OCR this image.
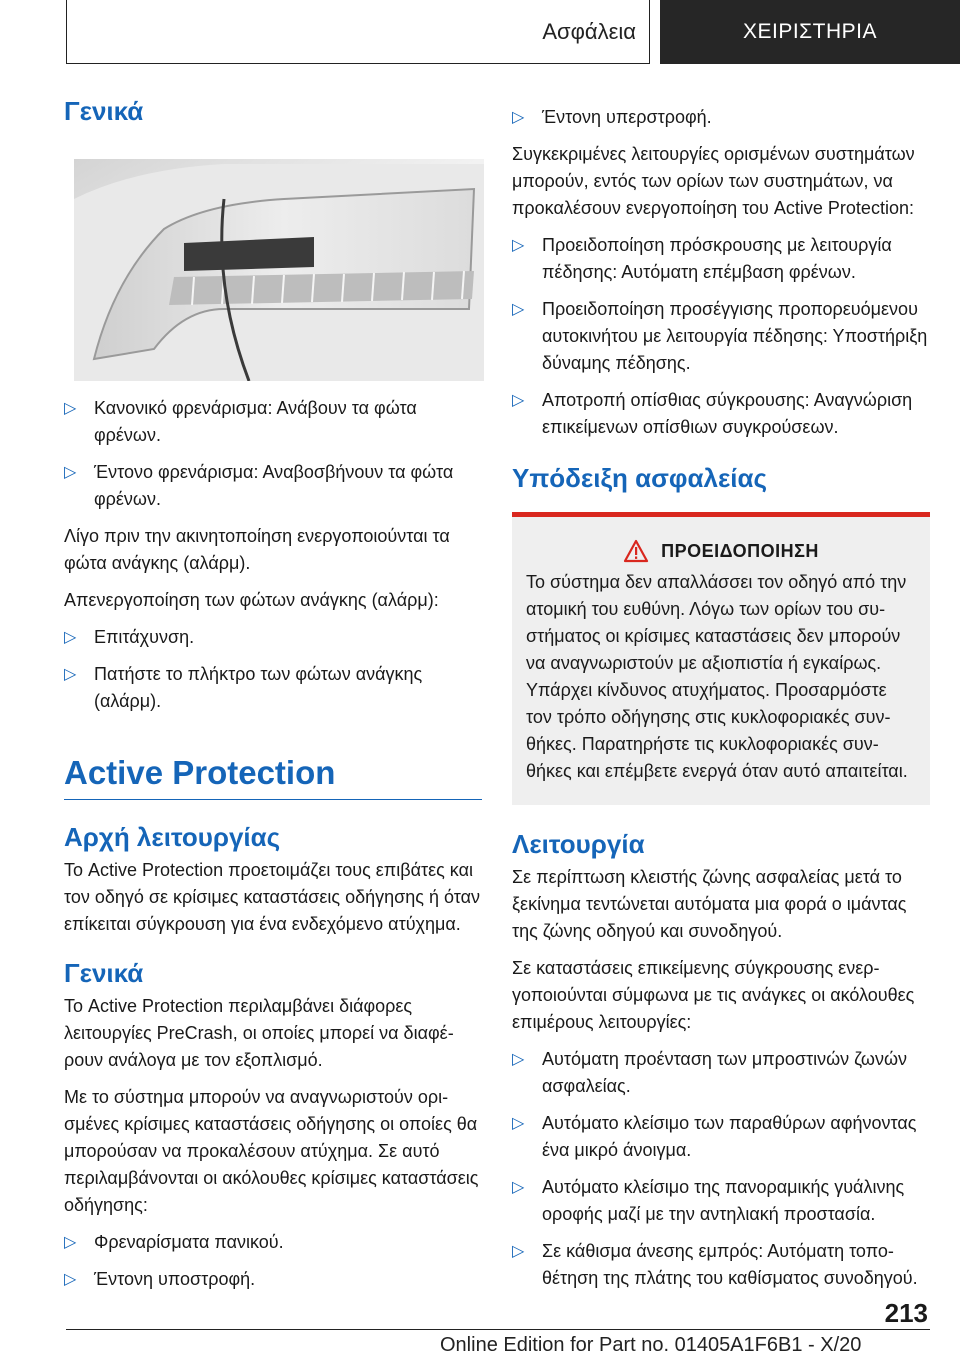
Ασφάλεια	ΧΕΙΡΙΣΤΗΡΙΑ
Γενικά
▷ Κανονικό φρενάρισμα: Ανάβουν τα φώτα φρένων.
▷ Έντονο φρενάρισμα: Αναβοσβήνουν τα φώτα φρένων.
Λίγο πριν την ακινητοποίηση ενεργοποιούνται τα φώτα ανάγκης (αλάρμ).
Απενεργοποίηση των φώτων ανάγκης (αλάρμ):
▷ Επιτάχυνση.
▷ Πατήστε το πλήκτρο των φώτων ανάγκης (αλάρμ).
Active Protection
Αρχή λειτουργίας
Το Active Protection προετοιμάζει τους επιβάτες και τον οδηγό σε κρίσιμες καταστάσεις οδήγησης ή όταν επίκειται σύγκρουση για ένα ενδεχόμενο ατύχημα.
Γενικά
Το Active Protection περιλαμβάνει διάφορες λειτουργίες PreCrash, οι οποίες μπορεί να διαφέρουν ανάλογα με τον εξοπλισμό.
Με το σύστημα μπορούν να αναγνωριστούν ορισμένες κρίσιμες καταστάσεις οδήγησης οι οποίες θα μπορούσαν να προκαλέσουν ατύχημα. Σε αυτό περιλαμβάνονται οι ακόλουθες κρίσιμες καταστάσεις οδήγησης:
▷ Φρεναρίσματα πανικού.
▷ Έντονη υποστροφή.
▷ Έντονη υπερστροφή.
Συγκεκριμένες λειτουργίες ορισμένων συστημάτων μπορούν, εντός των ορίων των συστημάτων, να προκαλέσουν ενεργοποίηση του Active Protection:
▷ Προειδοποίηση πρόσκρουσης με λειτουργία πέδησης: Αυτόματη επέμβαση φρένων.
▷ Προειδοποίηση προσέγγισης προπορευόμενου αυτοκινήτου με λειτουργία πέδησης: Υποστήριξη δύναμης πέδησης.
▷ Αποτροπή οπίσθιας σύγκρουσης: Αναγνώριση επικείμενων οπίσθιων συγκρούσεων.
Υπόδειξη ασφαλείας
ΠΡΟΕΙΔΟΠΟΙΗΣΗ
Το σύστημα δεν απαλλάσσει τον οδηγό από την ατομική του ευθύνη. Λόγω των ορίων του συστήματος οι κρίσιμες καταστάσεις δεν μπορούν να αναγνωριστούν με αξιοπιστία ή εγκαίρως. Υπάρχει κίνδυνος ατυχήματος. Προσαρμόστε τον τρόπο οδήγησης στις κυκλοφοριακές συνθήκες. Παρατηρήστε τις κυκλοφοριακές συνθήκες και επέμβετε ενεργά όταν αυτό απαιτείται.
Λειτουργία
Σε περίπτωση κλειστής ζώνης ασφαλείας μετά το ξεκίνημα τεντώνεται αυτόματα μια φορά ο ιμάντας της ζώνης οδηγού και συνοδηγού.
Σε καταστάσεις επικείμενης σύγκρουσης ενεργοποιούνται σύμφωνα με τις ανάγκες οι ακόλουθες επιμέρους λειτουργίες:
▷ Αυτόματη προένταση των μπροστινών ζωνών ασφαλείας.
▷ Αυτόματο κλείσιμο των παραθύρων αφήνοντας ένα μικρό άνοιγμα.
▷ Αυτόματο κλείσιμο της πανοραμικής γυάλινης οροφής μαζί με την αντηλιακή προστασία.
▷ Σε κάθισμα άνεσης εμπρός: Αυτόματη τοποθέτηση της πλάτης του καθίσματος συνοδηγού.
213
Online Edition for Part no. 01405A1F6B1 - X/20
